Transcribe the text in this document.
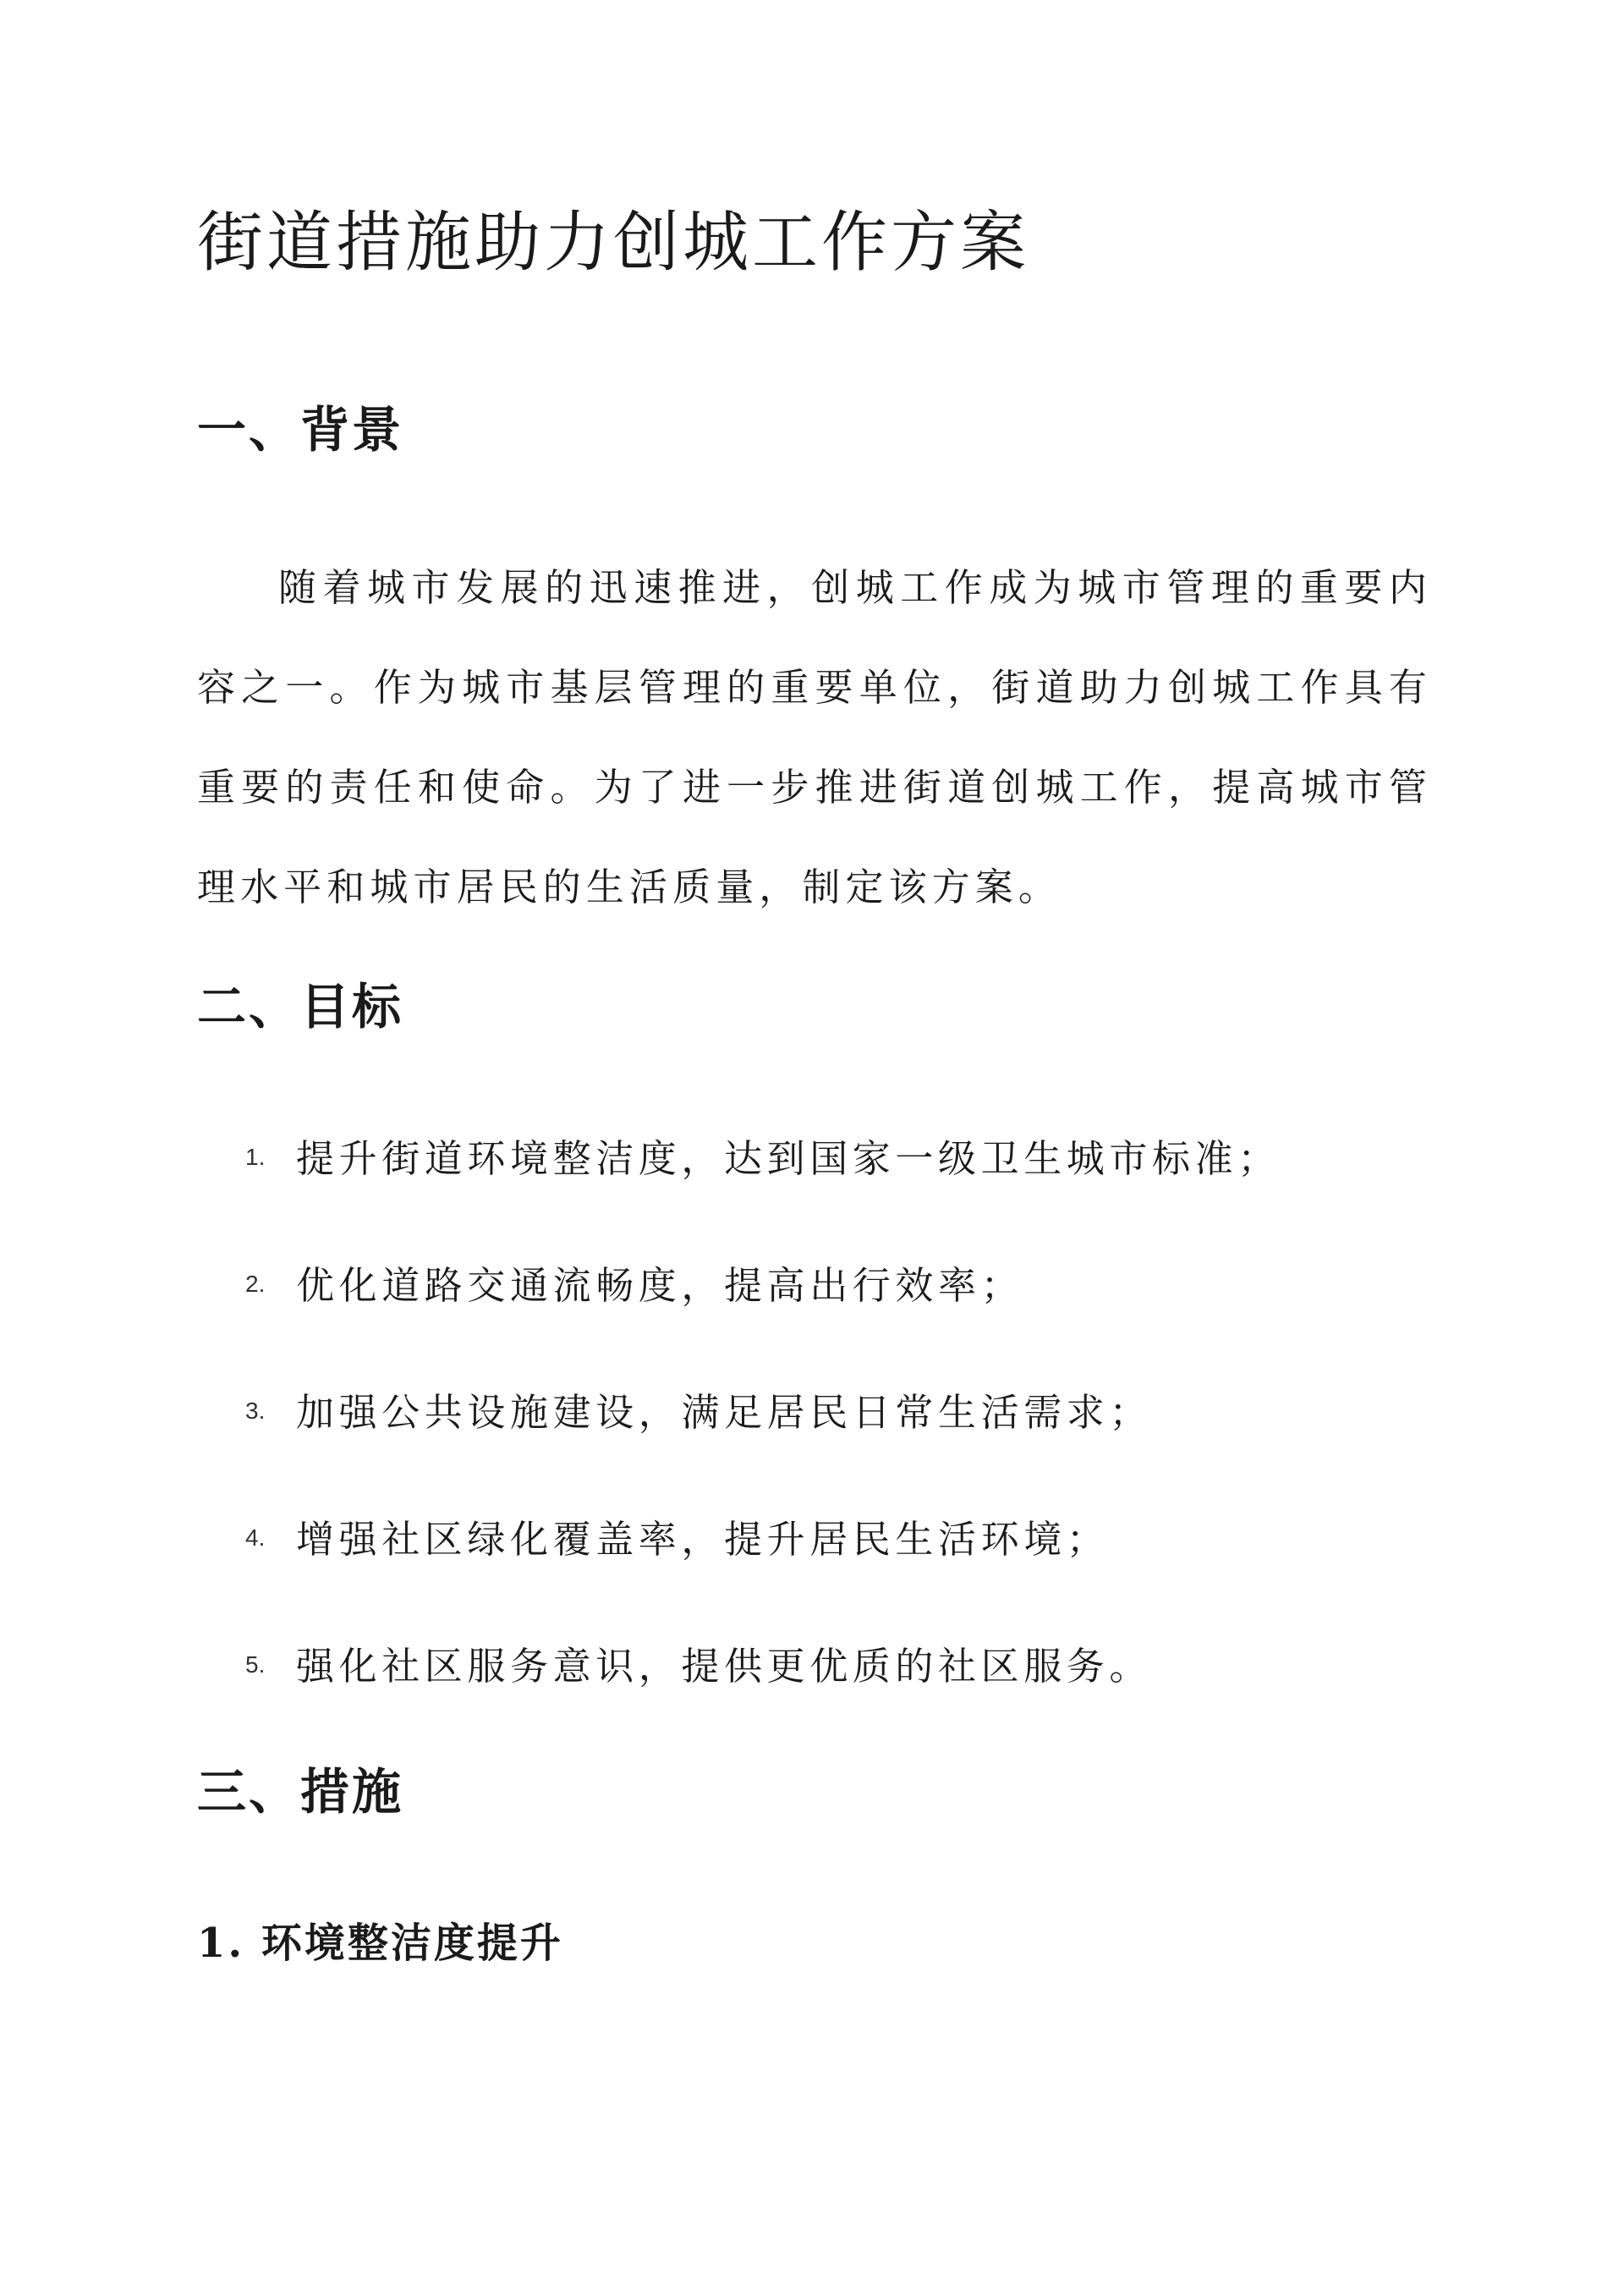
街道措施助力创城工作方案
一、背景

随着城市发展的迅速推进，创城工作成为城市管理的重要内容之一。作为城市基层管理的重要单位，街道助力创城工作具有重要的责任和使命。为了进一步推进街道创城工作，提高城市管理水平和城市居民的生活质量，制定该方案。

二、目标
1. 提升街道环境整洁度，达到国家一级卫生城市标准；
2. 优化道路交通流畅度，提高出行效率；
3. 加强公共设施建设，满足居民日常生活需求；
4. 增强社区绿化覆盖率，提升居民生活环境；
5. 强化社区服务意识，提供更优质的社区服务。
三、措施
1. 环境整洁度提升
